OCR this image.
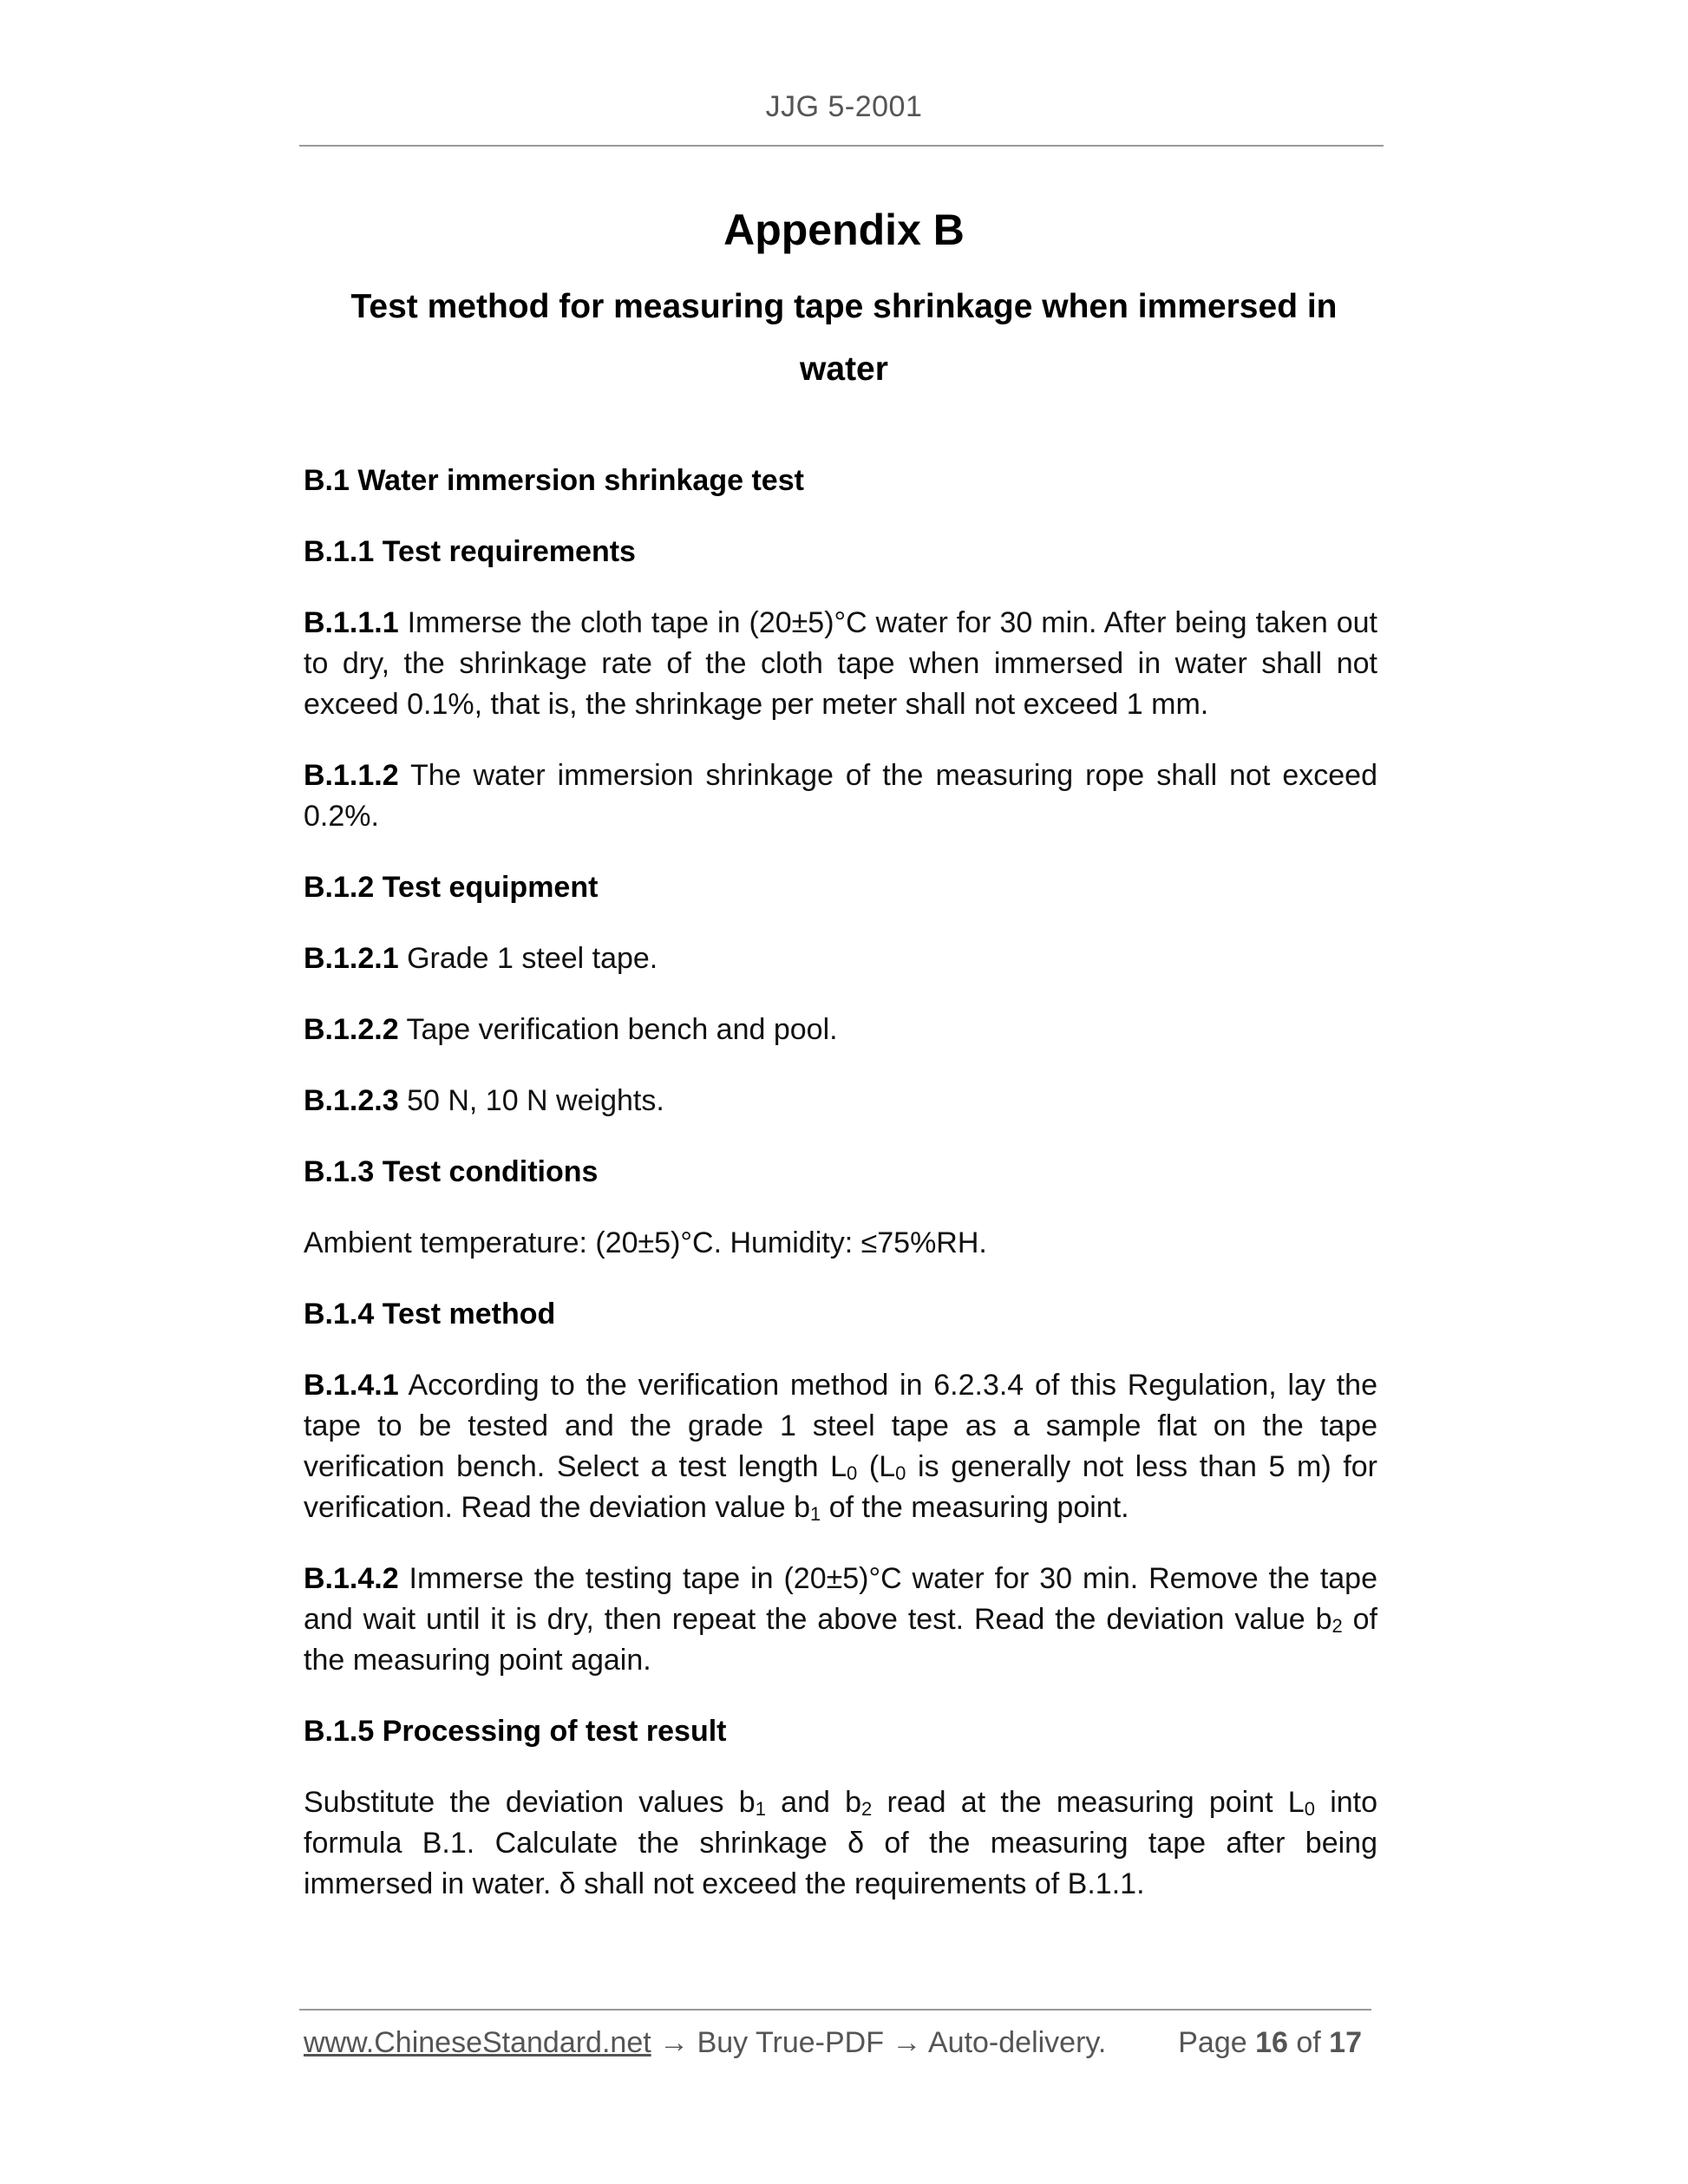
JJG 5-2001
Appendix B
Test method for measuring tape shrinkage when immersed in water

B.1 Water immersion shrinkage test

B.1.1 Test requirements

B.1.1.1 Immerse the cloth tape in (20±5)°C water for 30 min. After being taken out to dry, the shrinkage rate of the cloth tape when immersed in water shall not exceed 0.1%, that is, the shrinkage per meter shall not exceed 1 mm.

B.1.1.2 The water immersion shrinkage of the measuring rope shall not exceed 0.2%.

B.1.2 Test equipment

B.1.2.1 Grade 1 steel tape.

B.1.2.2 Tape verification bench and pool.

B.1.2.3 50 N, 10 N weights.

B.1.3 Test conditions

Ambient temperature: (20±5)°C. Humidity: ≤75%RH.

B.1.4 Test method

B.1.4.1 According to the verification method in 6.2.3.4 of this Regulation, lay the tape to be tested and the grade 1 steel tape as a sample flat on the tape verification bench. Select a test length $L_0$ ($L_0$ is generally not less than 5 m) for verification. Read the deviation value $b_1$ of the measuring point.

B.1.4.2 Immerse the testing tape in (20±5)°C water for 30 min. Remove the tape and wait until it is dry, then repeat the above test. Read the deviation value $b_2$ of the measuring point again.

B.1.5 Processing of test result

Substitute the deviation values $b_1$ and $b_2$ read at the measuring point $L_0$ into formula B.1. Calculate the shrinkage δ of the measuring tape after being immersed in water. δ shall not exceed the requirements of B.1.1.

www.ChineseStandard.net → Buy True-PDF → Auto-delivery. Page 16 of 17
